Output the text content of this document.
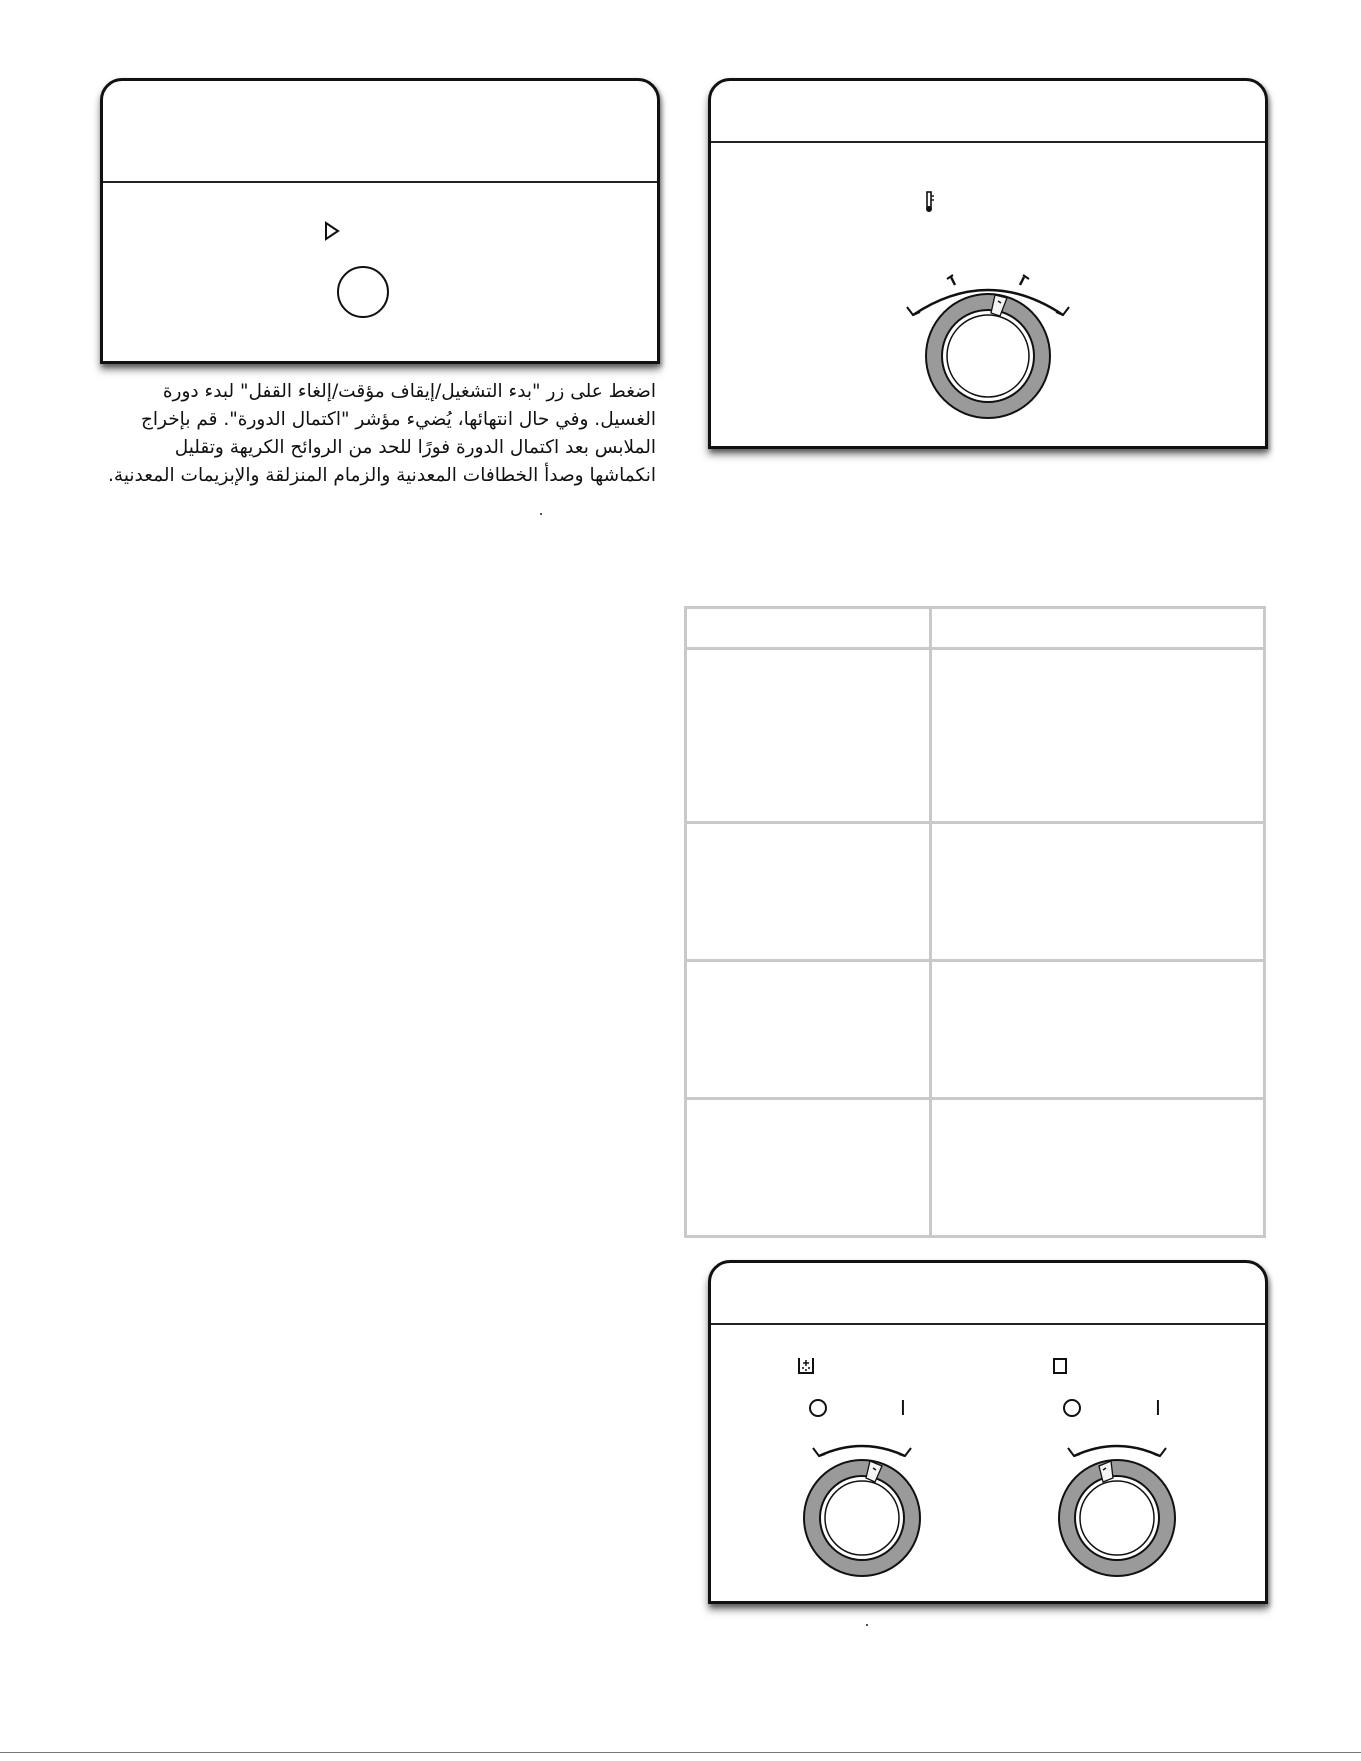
اضغط على زر "بدء التشغيل/إيقاف مؤقت/إلغاء القفل" لبدء دورة
الغسيل. وفي حال انتهائها، يُضيء مؤشر "اكتمال الدورة". قم بإخراج
الملابس بعد اكتمال الدورة فورًا للحد من الروائح الكريهة وتقليل
انكماشها وصدأ الخطافات المعدنية والزمام المنزلقة والإبزيمات المعدنية.
I	I
